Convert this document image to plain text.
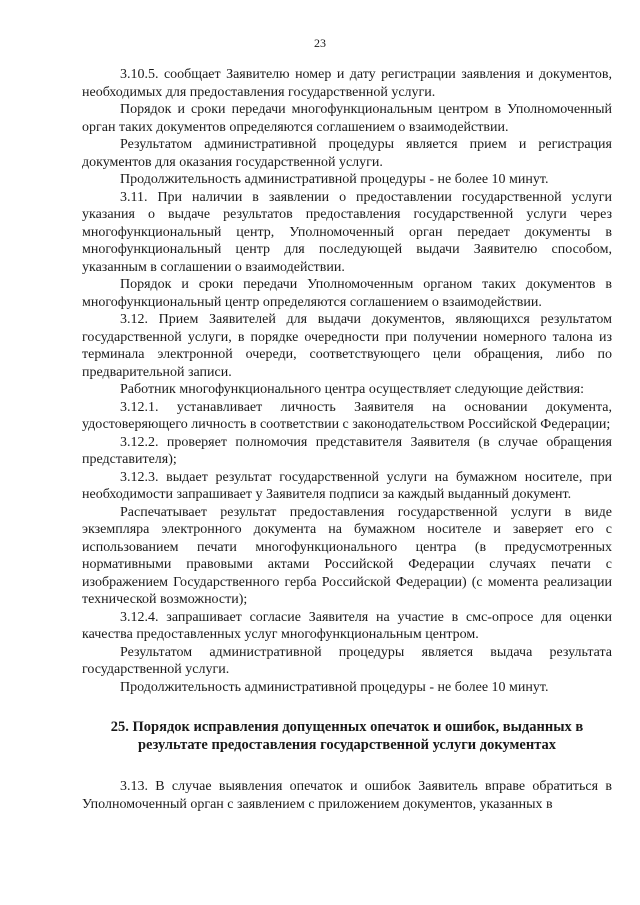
23

3.10.5. сообщает Заявителю номер и дату регистрации заявления и документов, необходимых для предоставления государственной услуги.

Порядок и сроки передачи многофункциональным центром в Уполномоченный орган таких документов определяются соглашением о взаимодействии.

Результатом административной процедуры является прием и регистрация документов для оказания государственной услуги.

Продолжительность административной процедуры - не более 10 минут.

3.11. При наличии в заявлении о предоставлении государственной услуги указания о выдаче результатов предоставления государственной услуги через многофункциональный центр, Уполномоченный орган передает документы в многофункциональный центр для последующей выдачи Заявителю способом, указанным в соглашении о взаимодействии.

Порядок и сроки передачи Уполномоченным органом таких документов в многофункциональный центр определяются соглашением о взаимодействии.

3.12. Прием Заявителей для выдачи документов, являющихся результатом государственной услуги, в порядке очередности при получении номерного талона из терминала электронной очереди, соответствующего цели обращения, либо по предварительной записи.

Работник многофункционального центра осуществляет следующие действия:

3.12.1. устанавливает личность Заявителя на основании документа, удостоверяющего личность в соответствии с законодательством Российской Федерации;

3.12.2. проверяет полномочия представителя Заявителя (в случае обращения представителя);

3.12.3. выдает результат государственной услуги на бумажном носителе, при необходимости запрашивает у Заявителя подписи за каждый выданный документ.

Распечатывает результат предоставления государственной услуги в виде экземпляра электронного документа на бумажном носителе и заверяет его с использованием печати многофункционального центра (в предусмотренных нормативными правовыми актами Российской Федерации случаях печати с изображением Государственного герба Российской Федерации) (с момента реализации технической возможности);

3.12.4. запрашивает согласие Заявителя на участие в смс-опросе для оценки качества предоставленных услуг многофункциональным центром.

Результатом административной процедуры является выдача результата государственной услуги.

Продолжительность административной процедуры - не более 10 минут.

25. Порядок исправления допущенных опечаток и ошибок, выданных в результате предоставления государственной услуги документах

3.13. В случае выявления опечаток и ошибок Заявитель вправе обратиться в Уполномоченный орган с заявлением с приложением документов, указанных в
